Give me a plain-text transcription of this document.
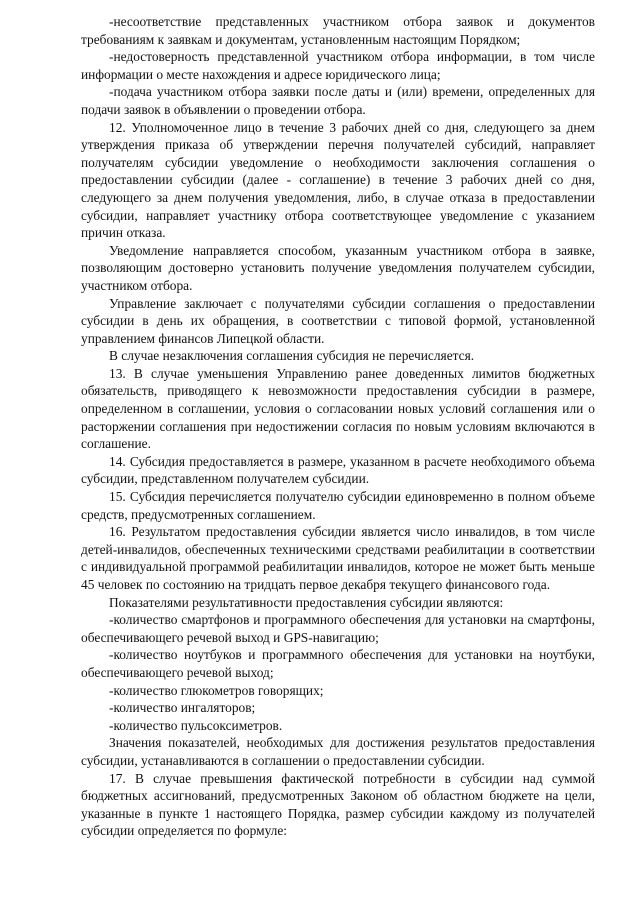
-несоответствие представленных участником отбора заявок и документов требованиям к заявкам и документам, установленным настоящим Порядком;

-недостоверность представленной участником отбора информации, в том числе информации о месте нахождения и адресе юридического лица;

-подача участником отбора заявки после даты и (или) времени, определенных для подачи заявок в объявлении о проведении отбора.

12. Уполномоченное лицо в течение 3 рабочих дней со дня, следующего за днем утверждения приказа об утверждении перечня получателей субсидий, направляет получателям субсидии уведомление о необходимости заключения соглашения о предоставлении субсидии (далее - соглашение) в течение 3 рабочих дней со дня, следующего за днем получения уведомления, либо, в случае отказа в предоставлении субсидии, направляет участнику отбора соответствующее уведомление с указанием причин отказа.

Уведомление направляется способом, указанным участником отбора в заявке, позволяющим достоверно установить получение уведомления получателем субсидии, участником отбора.

Управление заключает с получателями субсидии соглашения о предоставлении субсидии в день их обращения, в соответствии с типовой формой, установленной управлением финансов Липецкой области.

В случае незаключения соглашения субсидия не перечисляется.

13. В случае уменьшения Управлению ранее доведенных лимитов бюджетных обязательств, приводящего к невозможности предоставления субсидии в размере, определенном в соглашении, условия о согласовании новых условий соглашения или о расторжении соглашения при недостижении согласия по новым условиям включаются в соглашение.

14. Субсидия предоставляется в размере, указанном в расчете необходимого объема субсидии, представленном получателем субсидии.

15. Субсидия перечисляется получателю субсидии единовременно в полном объеме средств, предусмотренных соглашением.

16. Результатом предоставления субсидии является число инвалидов, в том числе детей-инвалидов, обеспеченных техническими средствами реабилитации в соответствии с индивидуальной программой реабилитации инвалидов, которое не может быть меньше 45 человек по состоянию на тридцать первое декабря текущего финансового года.

Показателями результативности предоставления субсидии являются:

-количество смартфонов и программного обеспечения для установки на смартфоны, обеспечивающего речевой выход и GPS-навигацию;

-количество ноутбуков и программного обеспечения для установки на ноутбуки, обеспечивающего речевой выход;

-количество глюкометров говорящих;

-количество ингаляторов;

-количество пульсоксиметров.

Значения показателей, необходимых для достижения результатов предоставления субсидии, устанавливаются в соглашении о предоставлении субсидии.

17. В случае превышения фактической потребности в субсидии над суммой бюджетных ассигнований, предусмотренных Законом об областном бюджете на цели, указанные в пункте 1 настоящего Порядка, размер субсидии каждому из получателей субсидии определяется по формуле:
